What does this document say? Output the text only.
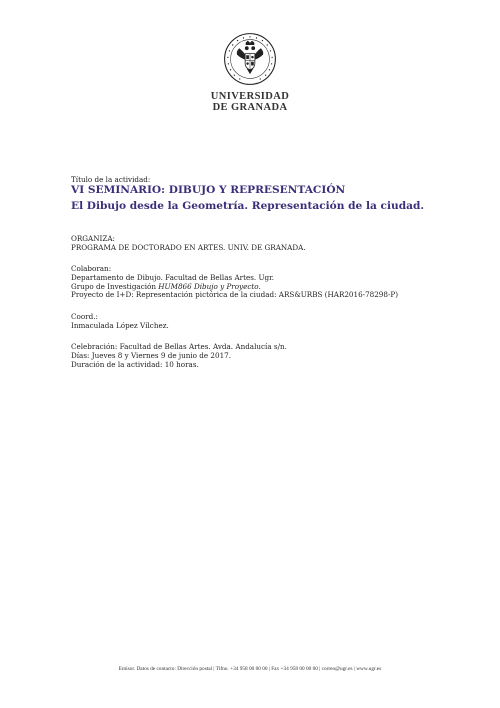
UNIVERSIDAD
DE GRANADA
Título de la actividad:
VI SEMINARIO: DIBUJO Y REPRESENTACIÓN
El Dibujo desde la Geometría. Representación de la ciudad.
ORGANIZA:
PROGRAMA DE DOCTORADO EN ARTES. UNIV. DE GRANADA.
Colaboran:
Departamento de Dibujo. Facultad de Bellas Artes. Ugr.
Grupo de Investigación HUM866 Dibujo y Proyecto.
Proyecto de I+D: Representación pictórica de la ciudad: ARS&URBS (HAR2016-78298-P)
Coord.:
Inmaculada López Vílchez.
Celebración: Facultad de Bellas Artes. Avda. Andalucía s/n.
Días: Jueves 8 y Viernes 9 de junio de 2017.
Duración de la actividad: 10 horas.
Emisor. Datos de contacto: Dirección postal | Tlfno. +34 958 00 00 00 | Fax +34 958 00 00 00 | correo@ugr.es | www.ugr.es
